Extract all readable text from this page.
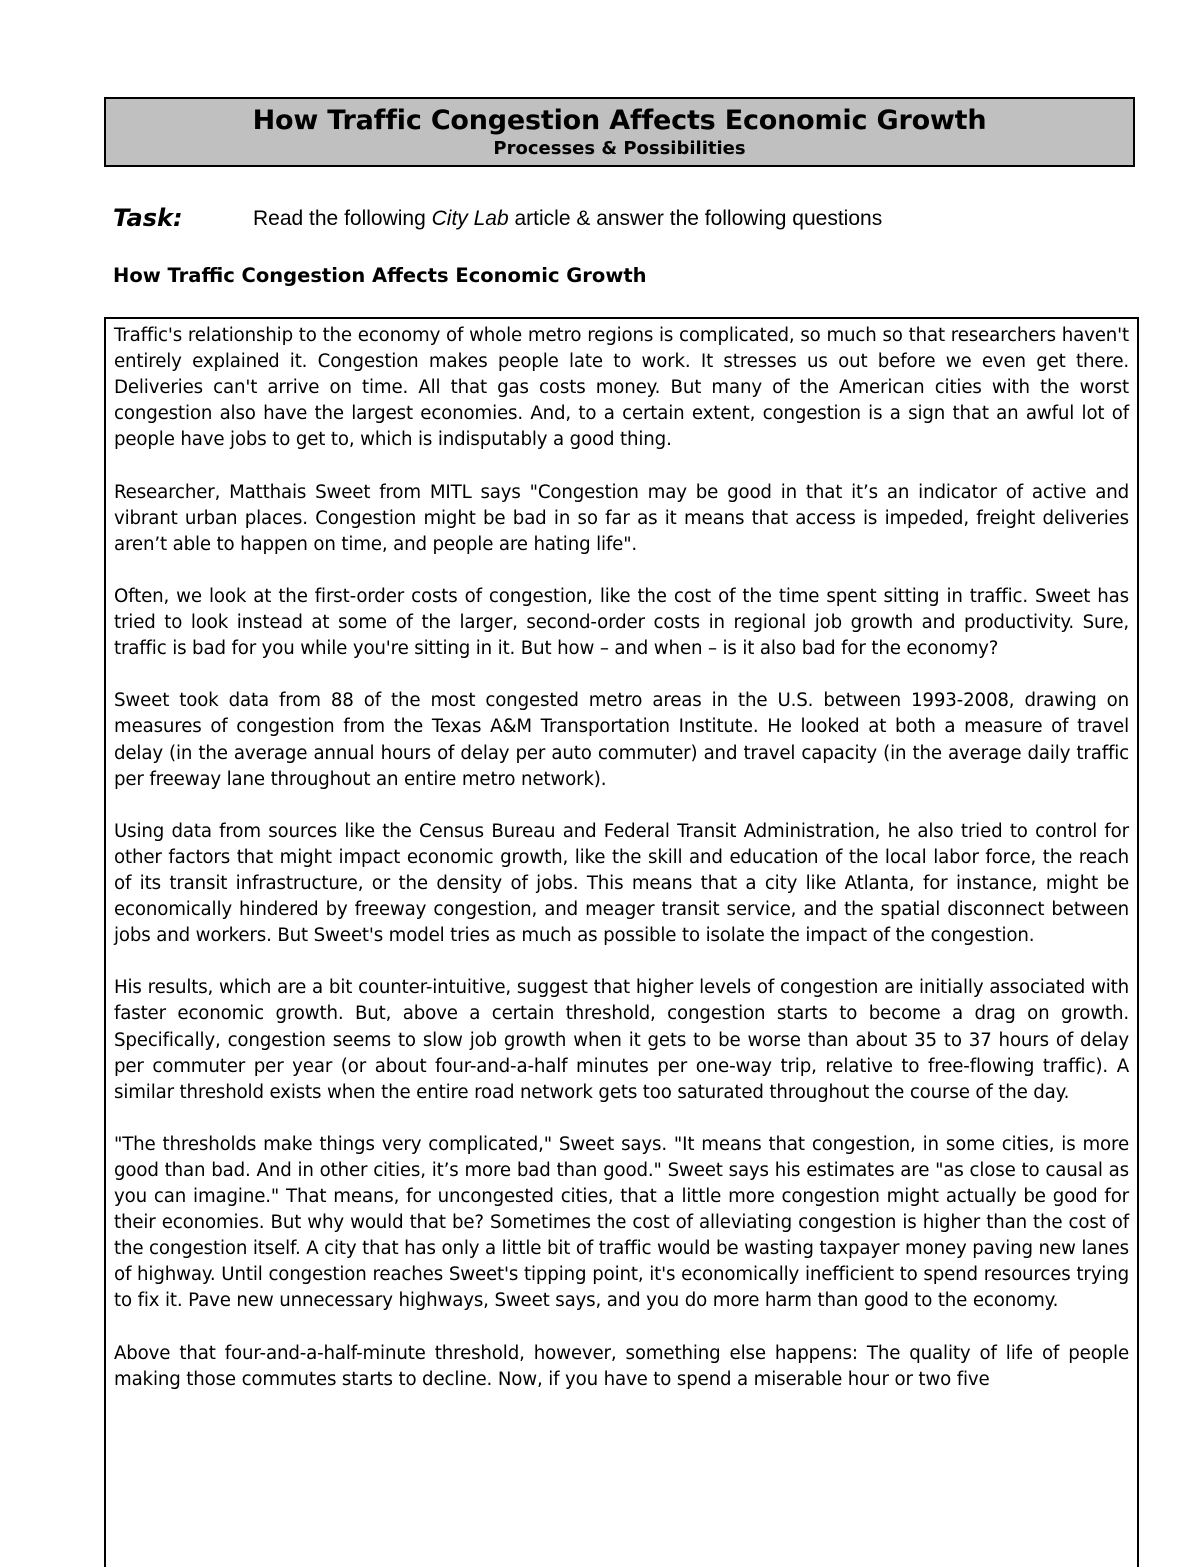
How Traffic Congestion Affects Economic Growth
Processes & Possibilities
Task:	Read the following City Lab article & answer the following questions
How Traffic Congestion Affects Economic Growth

Traffic's relationship to the economy of whole metro regions is complicated, so much so that researchers haven't entirely explained it. Congestion makes people late to work. It stresses us out before we even get there. Deliveries can't arrive on time. All that gas costs money. But many of the American cities with the worst congestion also have the largest economies. And, to a certain extent, congestion is a sign that an awful lot of people have jobs to get to, which is indisputably a good thing.

Researcher, Matthais Sweet from MITL says "Congestion may be good in that it’s an indicator of active and vibrant urban places. Congestion might be bad in so far as it means that access is impeded, freight deliveries aren’t able to happen on time, and people are hating life".

Often, we look at the first-order costs of congestion, like the cost of the time spent sitting in traffic. Sweet has tried to look instead at some of the larger, second-order costs in regional job growth and productivity. Sure, traffic is bad for you while you're sitting in it. But how – and when – is it also bad for the economy?

Sweet took data from 88 of the most congested metro areas in the U.S. between 1993-2008, drawing on measures of congestion from the Texas A&M Transportation Institute. He looked at both a measure of travel delay (in the average annual hours of delay per auto commuter) and travel capacity (in the average daily traffic per freeway lane throughout an entire metro network).

Using data from sources like the Census Bureau and Federal Transit Administration, he also tried to control for other factors that might impact economic growth, like the skill and education of the local labor force, the reach of its transit infrastructure, or the density of jobs. This means that a city like Atlanta, for instance, might be economically hindered by freeway congestion, and meager transit service, and the spatial disconnect between jobs and workers. But Sweet's model tries as much as possible to isolate the impact of the congestion.

His results, which are a bit counter-intuitive, suggest that higher levels of congestion are initially associated with faster economic growth. But, above a certain threshold, congestion starts to become a drag on growth. Specifically, congestion seems to slow job growth when it gets to be worse than about 35 to 37 hours of delay per commuter per year (or about four-and-a-half minutes per one-way trip, relative to free-flowing traffic). A similar threshold exists when the entire road network gets too saturated throughout the course of the day.

"The thresholds make things very complicated," Sweet says. "It means that congestion, in some cities, is more good than bad. And in other cities, it’s more bad than good." Sweet says his estimates are "as close to causal as you can imagine." That means, for uncongested cities, that a little more congestion might actually be good for their economies. But why would that be? Sometimes the cost of alleviating congestion is higher than the cost of the congestion itself. A city that has only a little bit of traffic would be wasting taxpayer money paving new lanes of highway. Until congestion reaches Sweet's tipping point, it's economically inefficient to spend resources trying to fix it. Pave new unnecessary highways, Sweet says, and you do more harm than good to the economy.

Above that four-and-a-half-minute threshold, however, something else happens: The quality of life of people making those commutes starts to decline. Now, if you have to spend a miserable hour or two five
